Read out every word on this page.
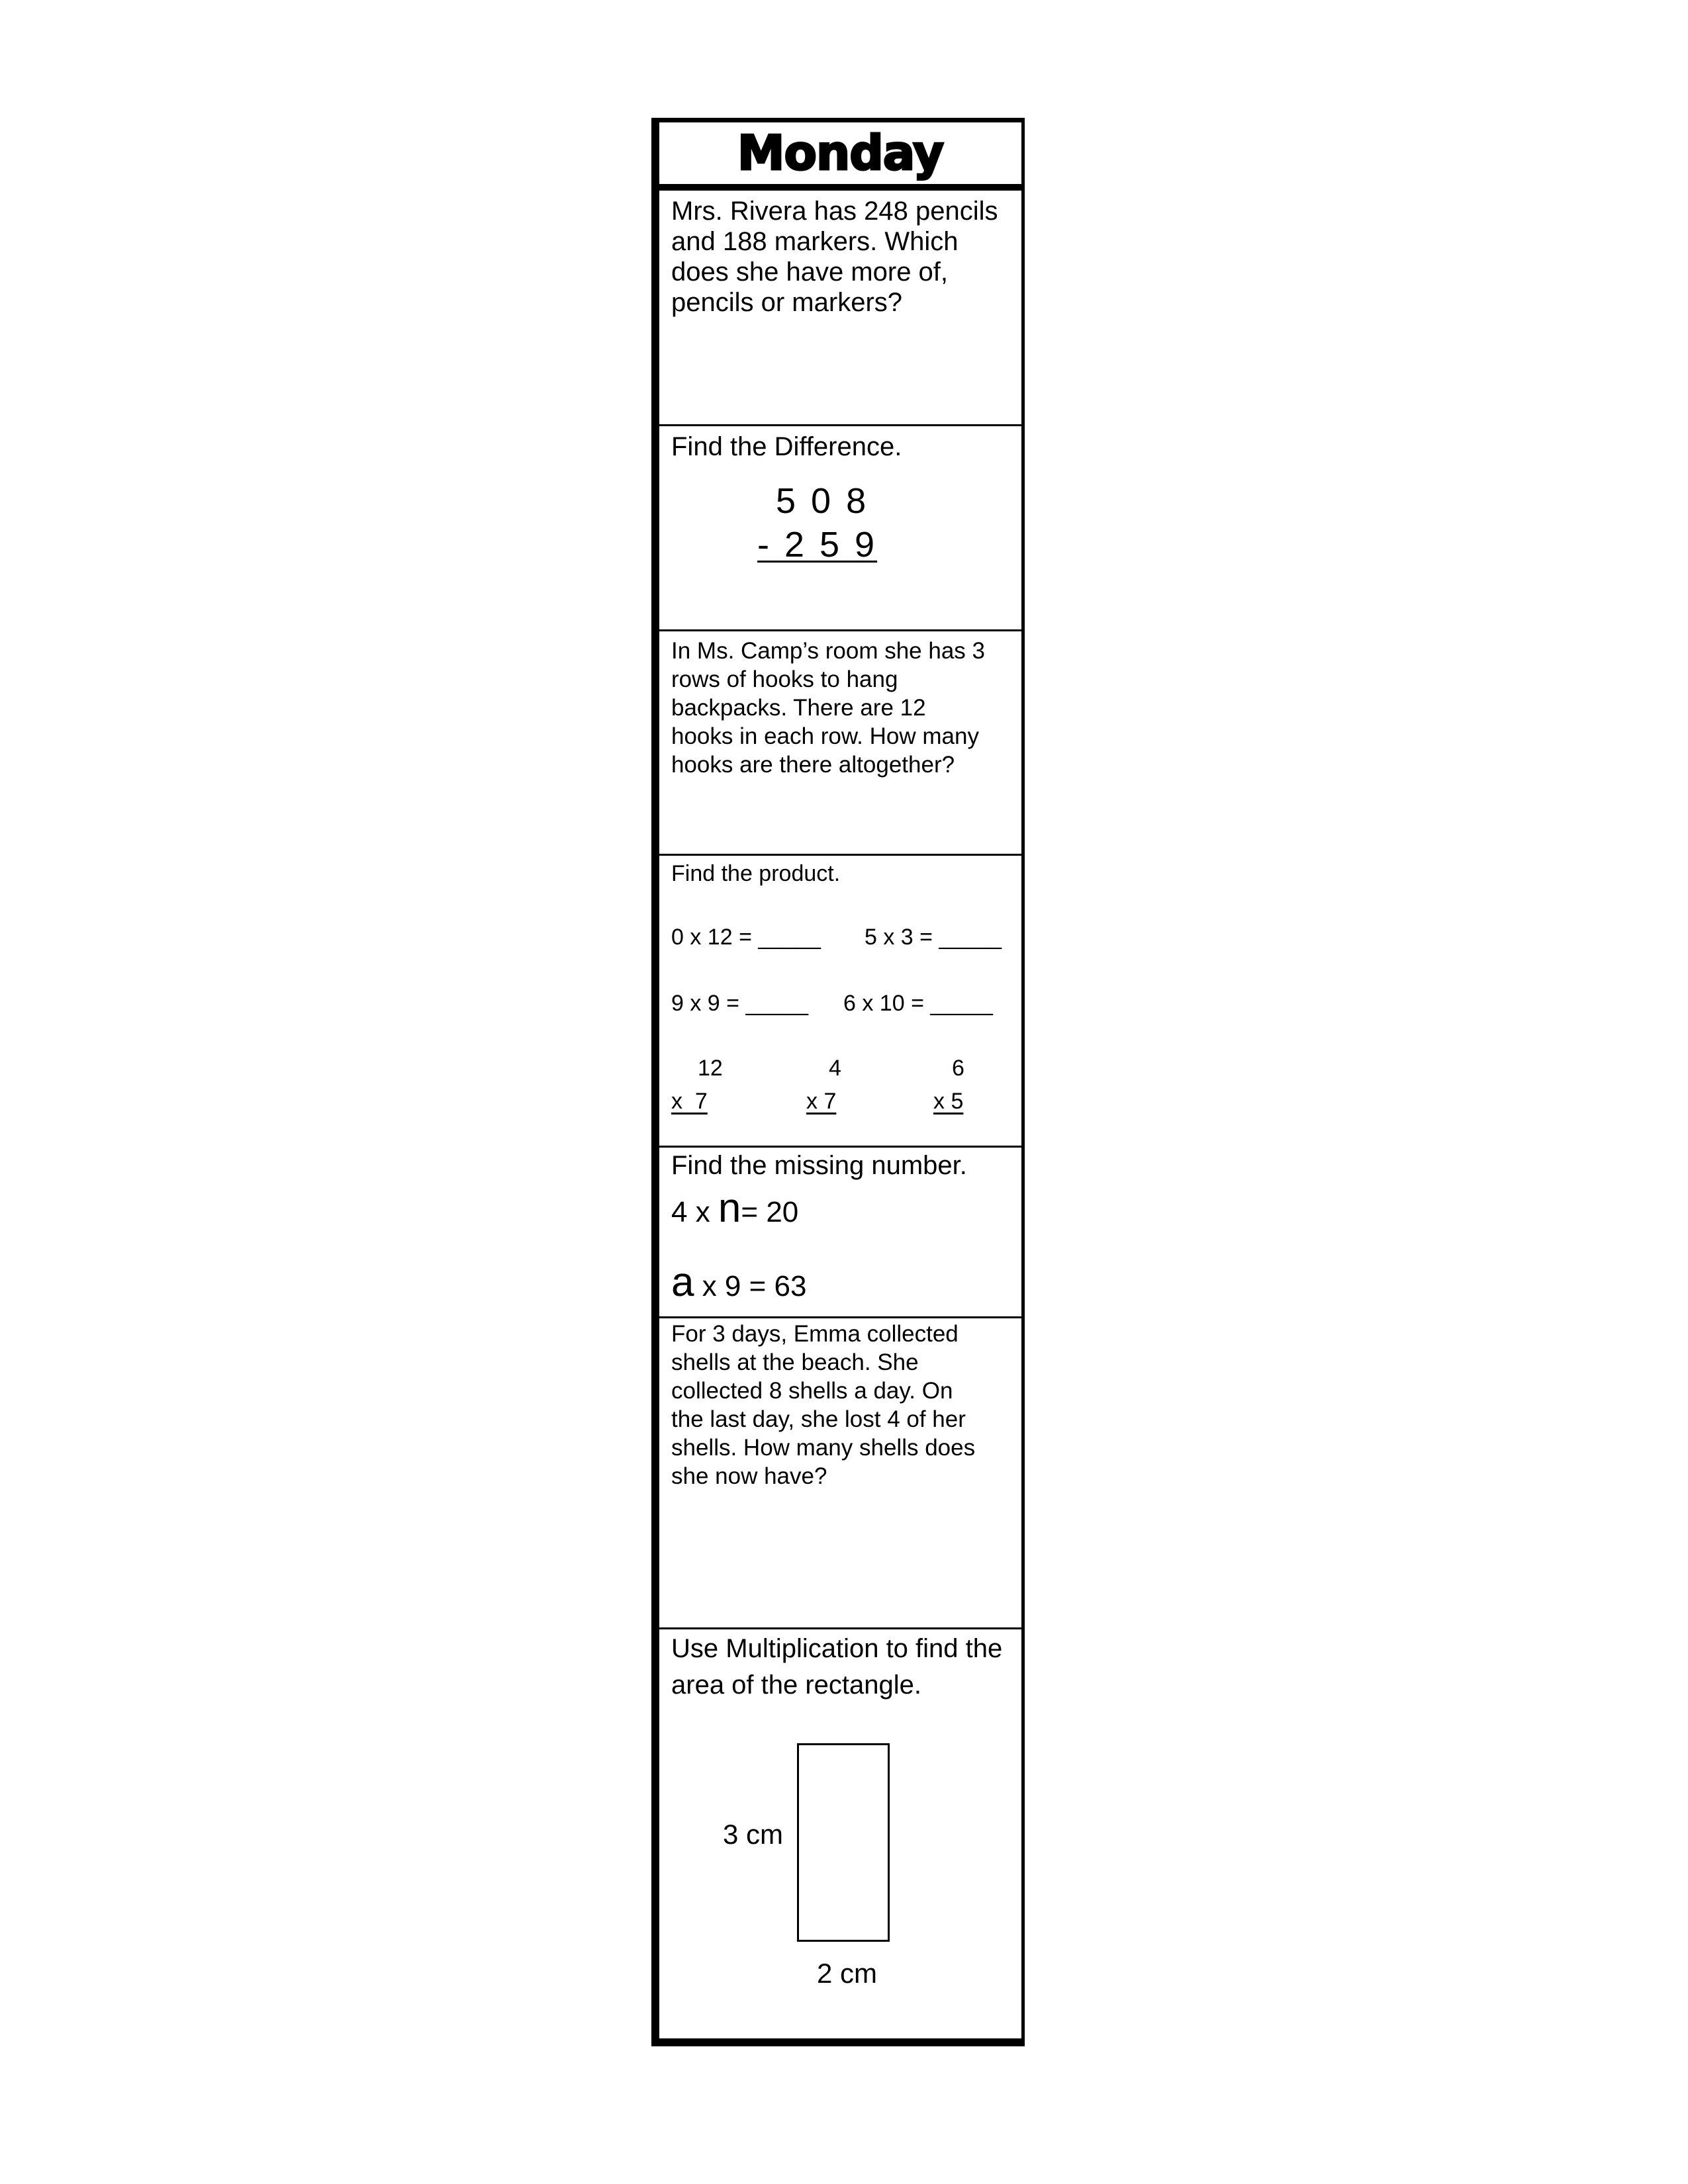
Monday
Mrs. Rivera has 248 pencils
and 188 markers. Which
does she have more of,
pencils or markers?
Find the Difference.
5 0 8
- 2 5 9
In Ms. Camp’s room she has 3
rows of hooks to hang
backpacks. There are 12
hooks in each row. How many
hooks are there altogether?
Find the product.
0 x 12 = _____	5 x 3 = _____
9 x 9 = _____	6 x 10 = _____
12
x  7
4
x 7
6
x 5
Find the missing number.
4 x n= 20
a x 9 = 63
For 3 days, Emma collected
shells at the beach. She
collected 8 shells a day. On
the last day, she lost 4 of her
shells. How many shells does
she now have?
Use Multiplication to find the
area of the rectangle.
3 cm
2 cm
